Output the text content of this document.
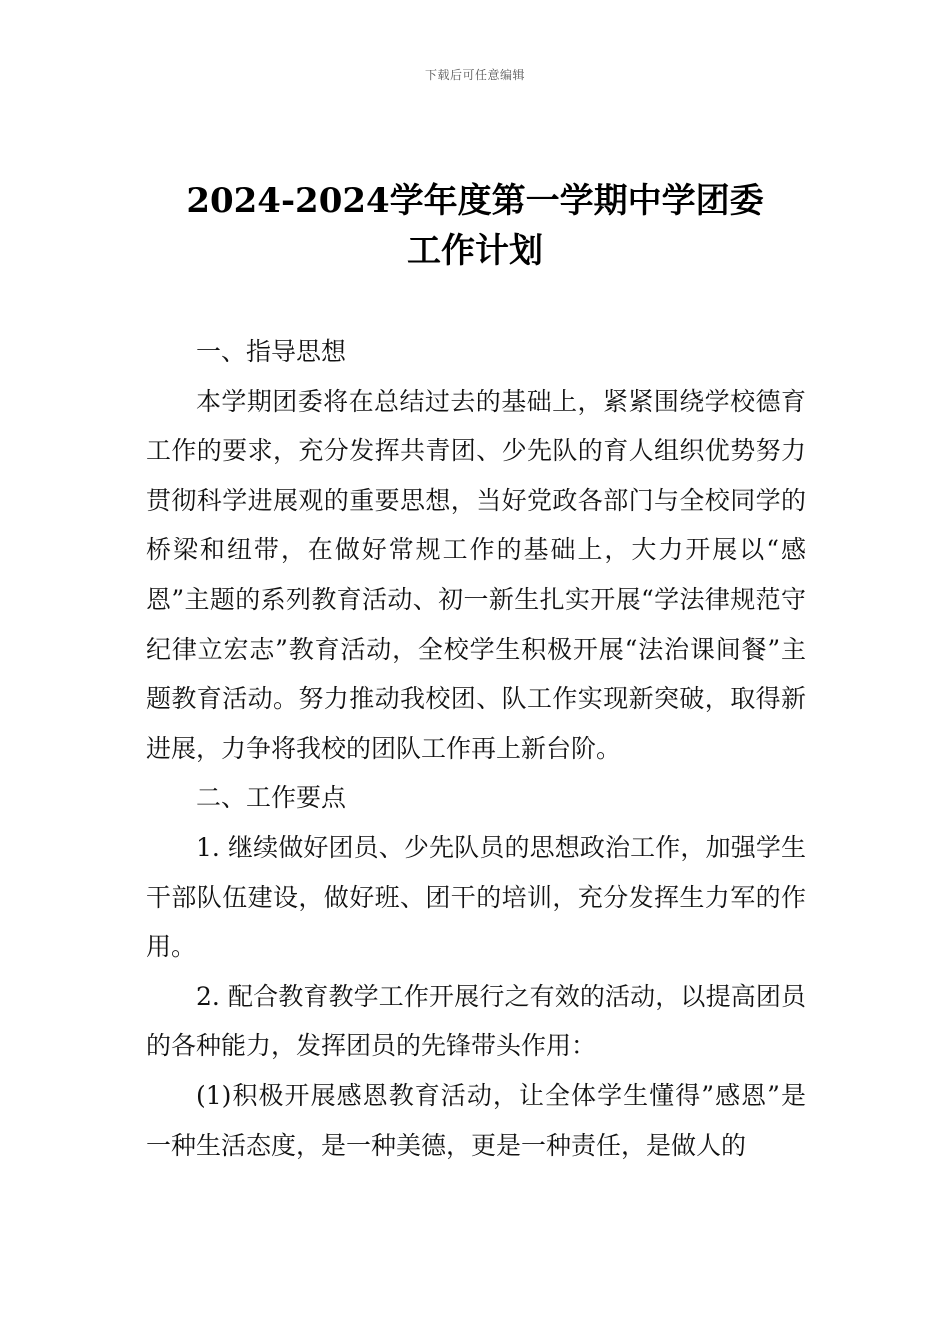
下载后可任意编辑
2024-2024学年度第一学期中学团委
工作计划

一、指导思想

本学期团委将在总结过去的基础上，紧紧围绕学校德育工作的要求，充分发挥共青团、少先队的育人组织优势努力贯彻科学进展观的重要思想，当好党政各部门与全校同学的桥梁和纽带，在做好常规工作的基础上，大力开展以“感恩”主题的系列教育活动、初一新生扎实开展“学法律规范守纪律立宏志”教育活动，全校学生积极开展“法治课间餐”主题教育活动。努力推动我校团、队工作实现新突破，取得新进展，力争将我校的团队工作再上新台阶。

二、工作要点

1. 继续做好团员、少先队员的思想政治工作，加强学生干部队伍建设，做好班、团干的培训，充分发挥生力军的作用。

2. 配合教育教学工作开展行之有效的活动，以提高团员的各种能力，发挥团员的先锋带头作用：

(1)积极开展感恩教育活动，让全体学生懂得”感恩”是一种生活态度，是一种美德，更是一种责任，是做人的
